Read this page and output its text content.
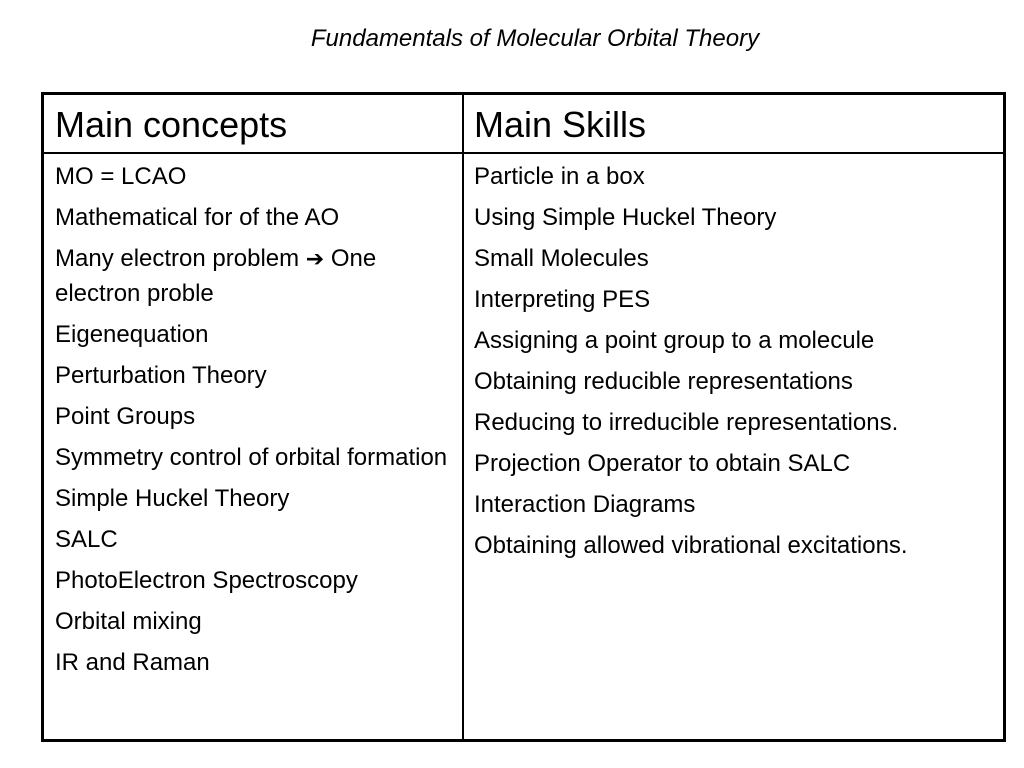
Fundamentals of Molecular Orbital Theory
Main concepts	Main Skills
MO = LCAO
Mathematical for of the AO
Many electron problem ➔ One electron proble
Eigenequation
Perturbation Theory
Point Groups
Symmetry control of orbital formation
Simple Huckel Theory
SALC
PhotoElectron Spectroscopy
Orbital mixing
IR and Raman
Particle in a box
Using Simple Huckel Theory
Small Molecules
Interpreting PES
Assigning a point group to a molecule
Obtaining reducible representations
Reducing to irreducible representations.
Projection Operator to obtain SALC
Interaction Diagrams
Obtaining allowed vibrational excitations.
